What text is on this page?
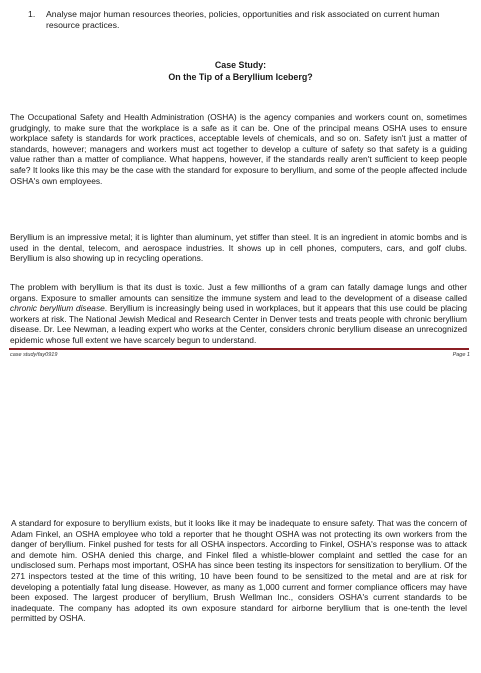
1. Analyse major human resources theories, policies, opportunities and risk associated on current human resource practices.
Case Study:
On the Tip of a Beryllium Iceberg?

The Occupational Safety and Health Administration (OSHA) is the agency companies and workers count on, sometimes grudgingly, to make sure that the workplace is a safe as it can be. One of the principal means OSHA uses to ensure workplace safety is standards for work practices, acceptable levels of chemicals, and so on. Safety isn't just a matter of standards, however; managers and workers must act together to develop a culture of safety so that safety is a guiding value rather than a matter of compliance. What happens, however, if the standards really aren't sufficient to keep people safe? It looks like this may be the case with the standard for exposure to beryllium, and some of the people affected include OSHA's own employees.

Beryllium is an impressive metal; it is lighter than aluminum, yet stiffer than steel. It is an ingredient in atomic bombs and is used in the dental, telecom, and aerospace industries. It shows up in cell phones, computers, cars, and golf clubs. Beryllium is also showing up in recycling operations.

The problem with beryllium is that its dust is toxic. Just a few millionths of a gram can fatally damage lungs and other organs. Exposure to smaller amounts can sensitize the immune system and lead to the development of a disease called chronic beryllium disease. Beryllium is increasingly being used in workplaces, but it appears that this use could be placing workers at risk. The National Jewish Medical and Research Center in Denver tests and treats people with chronic beryllium disease. Dr. Lee Newman, a leading expert who works at the Center, considers chronic beryllium disease an unrecognized epidemic whose full extent we have scarcely begun to understand.

case study/fay0919	Page 1

A standard for exposure to beryllium exists, but it looks like it may be inadequate to ensure safety. That was the concern of Adam Finkel, an OSHA employee who told a reporter that he thought OSHA was not protecting its own workers from the danger of beryllium. Finkel pushed for tests for all OSHA inspectors. According to Finkel, OSHA's response was to attack and demote him. OSHA denied this charge, and Finkel filed a whistle-blower complaint and settled the case for an undisclosed sum. Perhaps most important, OSHA has since been testing its inspectors for sensitization to beryllium. Of the 271 inspectors tested at the time of this writing, 10 have been found to be sensitized to the metal and are at risk for developing a potentially fatal lung disease. However, as many as 1,000 current and former compliance officers may have been exposed. The largest producer of beryllium, Brush Wellman Inc., considers OSHA's current standards to be inadequate. The company has adopted its own exposure standard for airborne beryllium that is one-tenth the level permitted by OSHA.
